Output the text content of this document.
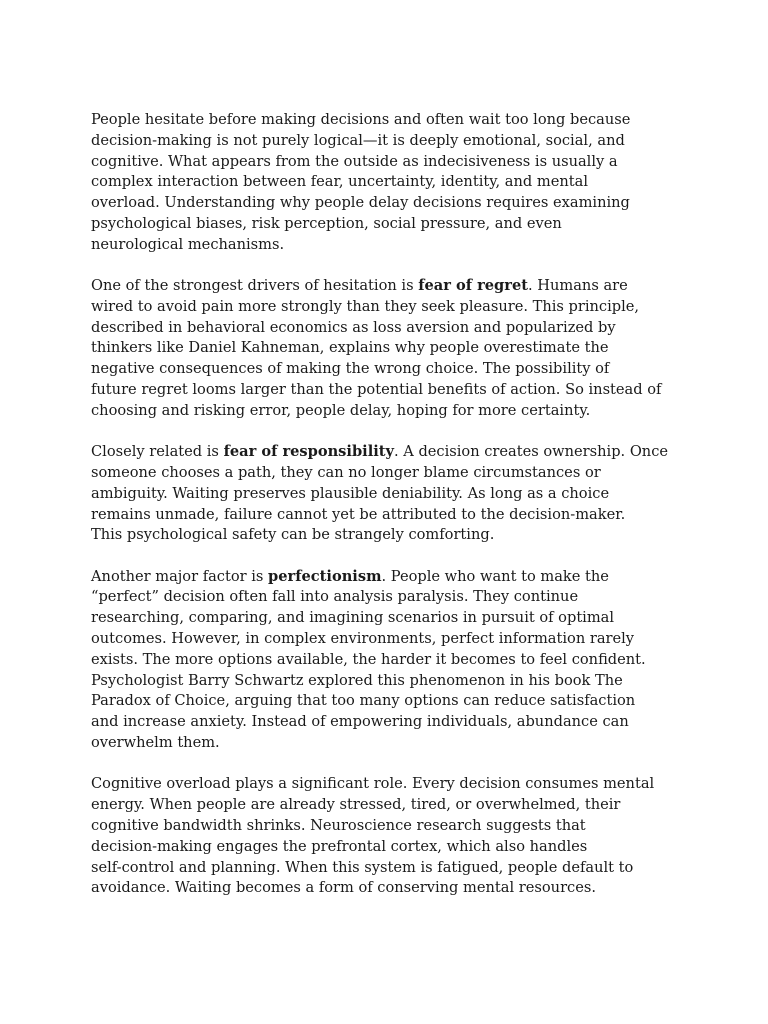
People hesitate before making decisions and often wait too long because
decision-making is not purely logical—it is deeply emotional, social, and
cognitive. What appears from the outside as indecisiveness is usually a
complex interaction between fear, uncertainty, identity, and mental
overload. Understanding why people delay decisions requires examining
psychological biases, risk perception, social pressure, and even
neurological mechanisms.

One of the strongest drivers of hesitation is fear of regret. Humans are
wired to avoid pain more strongly than they seek pleasure. This principle,
described in behavioral economics as loss aversion and popularized by
thinkers like Daniel Kahneman, explains why people overestimate the
negative consequences of making the wrong choice. The possibility of
future regret looms larger than the potential benefits of action. So instead of
choosing and risking error, people delay, hoping for more certainty.

Closely related is fear of responsibility. A decision creates ownership. Once
someone chooses a path, they can no longer blame circumstances or
ambiguity. Waiting preserves plausible deniability. As long as a choice
remains unmade, failure cannot yet be attributed to the decision-maker.
This psychological safety can be strangely comforting.

Another major factor is perfectionism. People who want to make the
“perfect” decision often fall into analysis paralysis. They continue
researching, comparing, and imagining scenarios in pursuit of optimal
outcomes. However, in complex environments, perfect information rarely
exists. The more options available, the harder it becomes to feel confident.
Psychologist Barry Schwartz explored this phenomenon in his book The
Paradox of Choice, arguing that too many options can reduce satisfaction
and increase anxiety. Instead of empowering individuals, abundance can
overwhelm them.

Cognitive overload plays a significant role. Every decision consumes mental
energy. When people are already stressed, tired, or overwhelmed, their
cognitive bandwidth shrinks. Neuroscience research suggests that
decision-making engages the prefrontal cortex, which also handles
self-control and planning. When this system is fatigued, people default to
avoidance. Waiting becomes a form of conserving mental resources.
